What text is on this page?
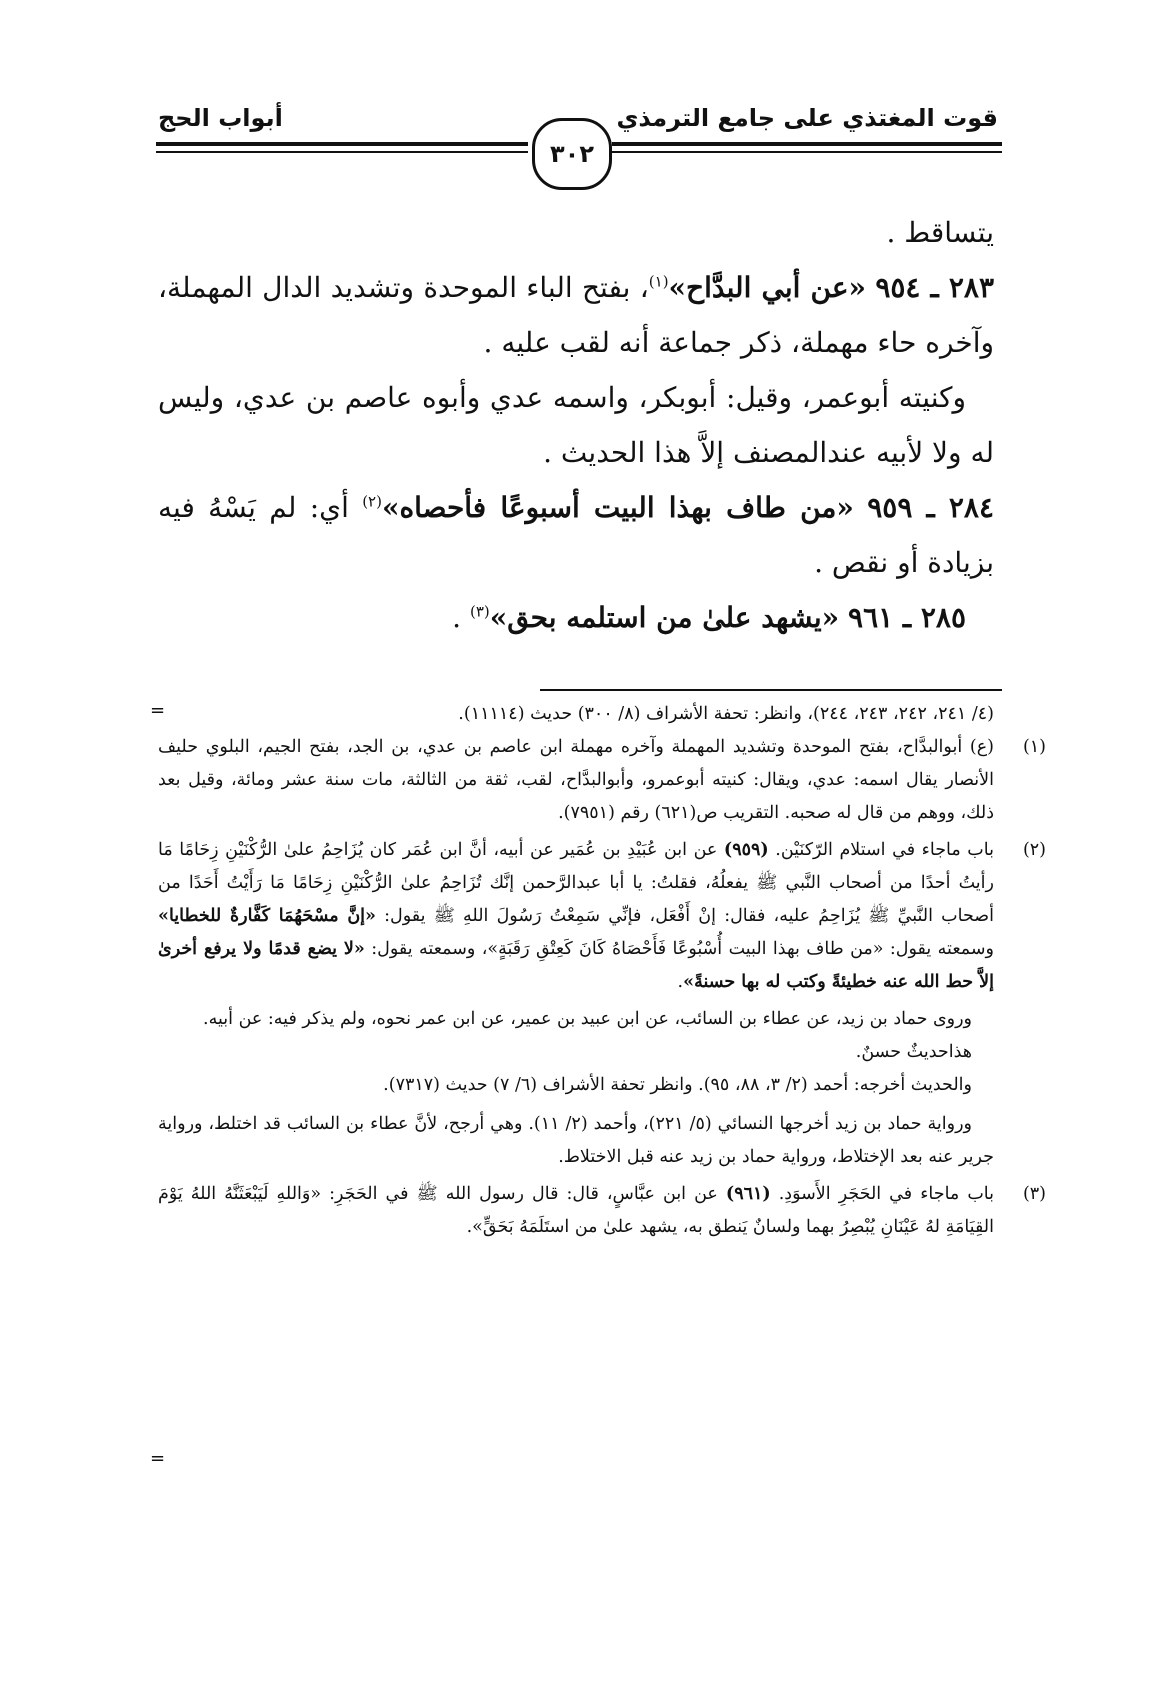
قوت المغتذي على جامع الترمذي
أبواب الحج
٣٠٢

يتساقط .

٢٨٣ ـ ٩٥٤ «عن أبي البدَّاح»$^{(١)}$، بفتح الباء الموحدة وتشديد الدال المهملة، وآخره حاء مهملة، ذكر جماعة أنه لقب عليه .

وكنيته أبوعمر، وقيل: أبوبكر، واسمه عدي وأبوه عاصم بن عدي، وليس له ولا لأبيه عندالمصنف إلاَّ هذا الحديث .

٢٨٤ ـ ٩٥٩ «من طاف بهذا البيت أسبوعًا فأحصاه»$^{(٢)}$ أي: لم يَسْهُ فيه بزيادة أو نقص .

٢٨٥ ـ ٩٦١ «يشهد علىٰ من استلمه بحق»$^{(٣)}$ .

=	(٤/ ٢٤١، ٢٤٢، ٢٤٣، ٢٤٤)، وانظر: تحفة الأشراف (٨/ ٣٠٠) حديث (١١١١٤).

(١)

(ع) أبوالبدَّاح، بفتح الموحدة وتشديد المهملة وآخره مهملة ابن عاصم بن عدي، بن الجد، بفتح الجيم، البلوي حليف الأنصار يقال اسمه: عدي، ويقال: كنيته أبوعمرو، وأبوالبدَّاح، لقب، ثقة من الثالثة، مات سنة عشر ومائة، وقيل بعد ذلك، ووهم من قال له صحبه. التقريب ص(٦٢١) رقم (٧٩٥١).

(٢)

باب ماجاء في استلام الرّكنَيْن. (٩٥٩) عن ابن عُبَيْدِ بن عُمَير عن أبيه، أنَّ ابن عُمَر كان يُزَاحِمُ علىٰ الرُّكْنَيْنِ زِحَامًا مَا رأيتُ أحدًا من أصحاب النَّبي ﷺ يفعلُهُ، فقلتُ: يا أبا عبدالرَّحمن إنَّك تُزَاحِمُ علىٰ الرُّكْنَيْنِ زِحَامًا مَا رَأَيْتُ أَحَدًا من أصحاب النَّبيِّ ﷺ يُزَاحِمُ عليه، فقال: إنْ أَفْعَل، فإنِّي سَمِعْتُ رَسُولَ اللهِ ﷺ يقول: «إنَّ مسْحَهُمَا كَفَّارةٌ للخطايا» وسمعته يقول: «من طاف بهذا البيت أُسْبُوعًا فَأَحْصَاهُ كَانَ كَعِتْقِ رَقَبَةٍ»، وسمعته يقول: «لا يضع قدمًا ولا يرفع أخرىٰ إلاَّ حط الله عنه خطيئةً وكتب له بها حسنةً».

وروى حماد بن زيد، عن عطاء بن السائب، عن ابن عبيد بن عمير، عن ابن عمر نحوه، ولم يذكر فيه: عن أبيه.

هذاحديثٌ حسنٌ.

والحديث أخرجه: أحمد (٢/ ٣، ٨٨، ٩٥). وانظر تحفة الأشراف (٦/ ٧) حديث (٧٣١٧).

ورواية حماد بن زيد أخرجها النسائي (٥/ ٢٢١)، وأحمد (٢/ ١١). وهي أرجح، لأنَّ عطاء بن السائب قد اختلط، ورواية جرير عنه بعد الإختلاط، ورواية حماد بن زيد عنه قبل الاختلاط.

(٣)

باب ماجاء في الحَجَرِ الأَسوَدِ. (٩٦١) عن ابن عبَّاسٍ، قال: قال رسول الله ﷺ في الحَجَرِ: «وَاللهِ لَيَبْعَثَنَّهُ اللهُ يَوْمَ القِيَامَةِ لهُ عَيْنَانِ يُبْصِرُ بهما ولسانٌ يَنطق به، يشهد علىٰ من استَلَمَهُ بَحَقٍّ».

=
